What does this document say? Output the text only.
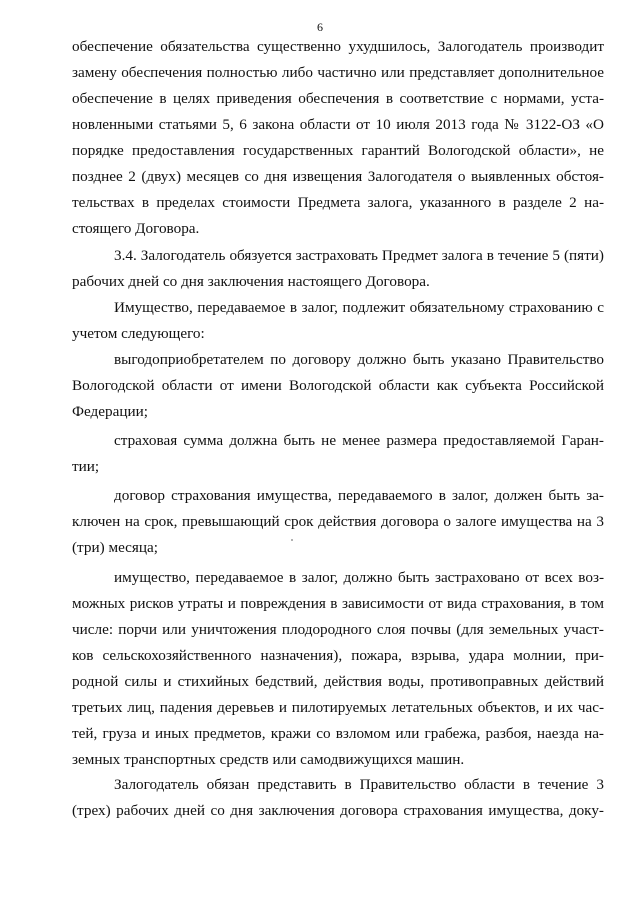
6
обеспечение обязательства существенно ухудшилось, Залогодатель производит
замену обеспечения полностью либо частично или представляет дополнительное
обеспечение в целях приведения обеспечения в соответствие с нормами, уста-
новленными статьями 5, 6 закона области от 10 июля 2013 года № 3122-ОЗ «О
порядке предоставления государственных гарантий Вологодской области», не
позднее 2 (двух) месяцев со дня извещения Залогодателя о выявленных обстоя-
тельствах в пределах стоимости Предмета залога, указанного в разделе 2 на-
стоящего Договора.
3.4. Залогодатель обязуется застраховать Предмет залога в течение 5 (пяти)
рабочих дней со дня заключения настоящего Договора.
Имущество, передаваемое в залог, подлежит обязательному страхованию с
учетом следующего:
выгодоприобретателем по договору должно быть указано Правительство
Вологодской области от имени Вологодской области как субъекта Российской
Федерации;
страховая сумма должна быть не менее размера предоставляемой Гаран-
тии;
договор страхования имущества, передаваемого в залог, должен быть за-
ключен на срок, превышающий срок действия договора о залоге имущества на 3
(три) месяца;
имущество, передаваемое в залог, должно быть застраховано от всех воз-
можных рисков утраты и повреждения в зависимости от вида страхования, в том
числе: порчи или уничтожения плодородного слоя почвы (для земельных участ-
ков сельскохозяйственного назначения), пожара, взрыва, удара молнии, при-
родной силы и стихийных бедствий, действия воды, противоправных действий
третьих лиц, падения деревьев и пилотируемых летательных объектов, и их час-
тей, груза и иных предметов, кражи со взломом или грабежа, разбоя, наезда на-
земных транспортных средств или самодвижущихся машин.
Залогодатель обязан представить в Правительство области в течение 3
(трех) рабочих дней со дня заключения договора страхования имущества, доку-
